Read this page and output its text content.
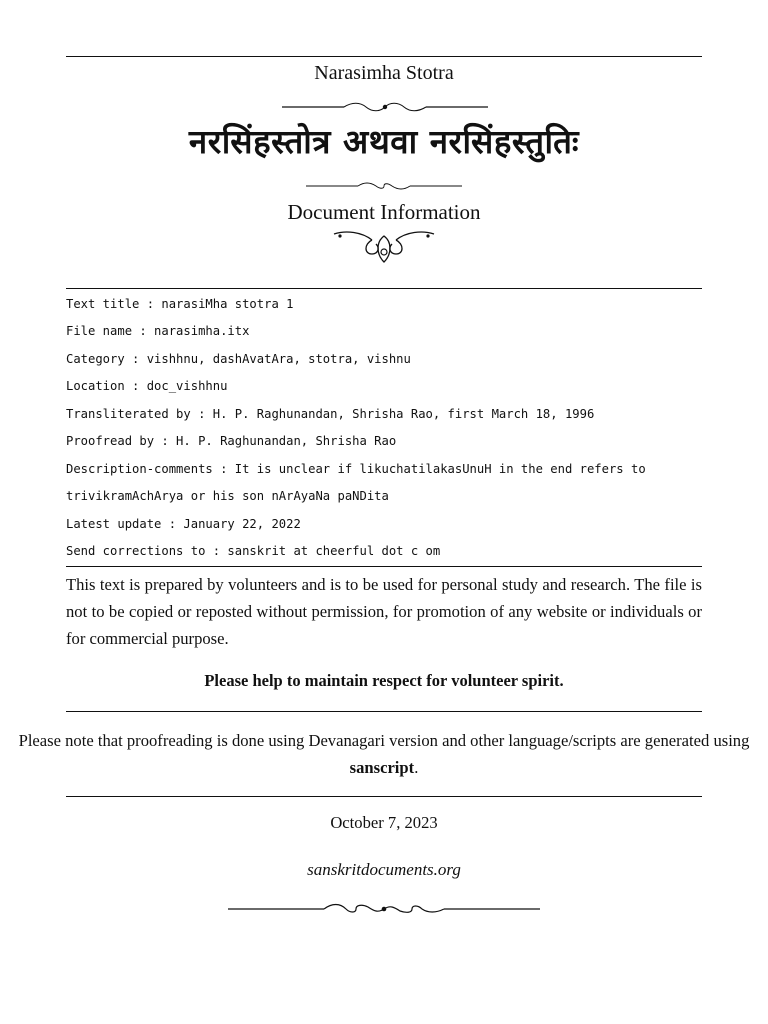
Narasimha Stotra
नरसिंहस्तोत्र अथवा नरसिंहस्तुतिः
Document Information
Text title : narasiMha stotra 1
File name : narasimha.itx
Category : vishhnu, dashAvatAra, stotra, vishnu
Location : doc_vishhnu
Transliterated by : H. P. Raghunandan, Shrisha Rao, first March 18, 1996
Proofread by : H. P. Raghunandan, Shrisha Rao
Description-comments : It is unclear if likuchatilakasUnuH in the end refers to
trivikramAchArya or his son nArAyaNa paNDita
Latest update : January 22, 2022
Send corrections to : sanskrit at cheerful dot c om
This text is prepared by volunteers and is to be used for personal study and research. The file is not to be copied or reposted without permission, for promotion of any website or individuals or for commercial purpose.
Please help to maintain respect for volunteer spirit.
Please note that proofreading is done using Devanagari version and other language/scripts are generated using sanscript.
October 7, 2023
sanskritdocuments.org
